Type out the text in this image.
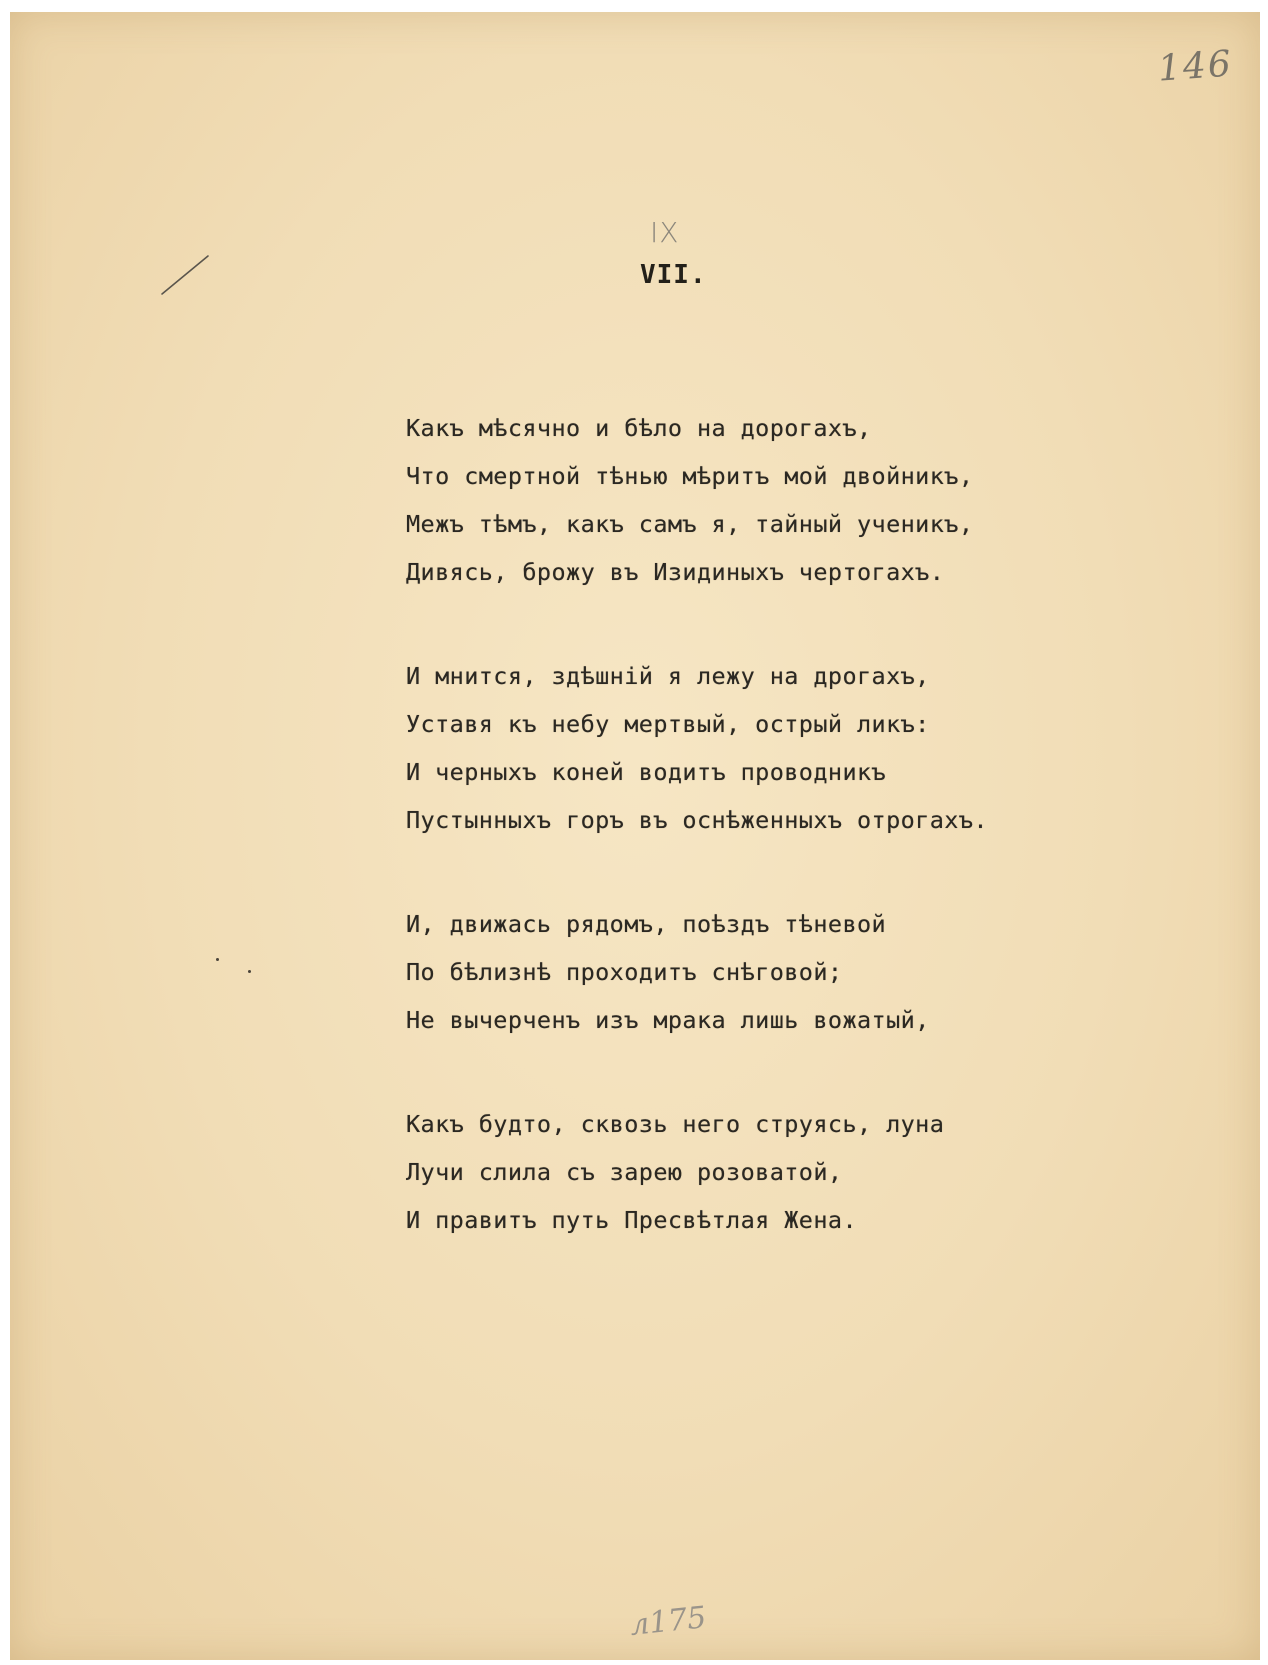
146
IX
VII.
Какъ мѣсячно и бѣло на дорогахъ,
Что смертной тѣнью мѣритъ мой двойникъ,
Межъ тѣмъ, какъ самъ я, тайный ученикъ,
Дивясь, брожу въ Изидиныхъ чертогахъ.
И мнится, здѣшнiй я лежу на дрогахъ,
Уставя къ небу мертвый, острый ликъ:
И черныхъ коней водитъ проводникъ
Пустынныхъ горъ въ оснѣженныхъ отрогахъ.
И, движась рядомъ, поѣздъ тѣневой
По бѣлизнѣ проходитъ снѣговой;
Не вычерченъ изъ мрака лишь вожатый,
Какъ будто, сквозь него струясь, луна
Лучи слила съ зарею розоватой,
И правитъ путь Пресвѣтлая Жена.
л175
